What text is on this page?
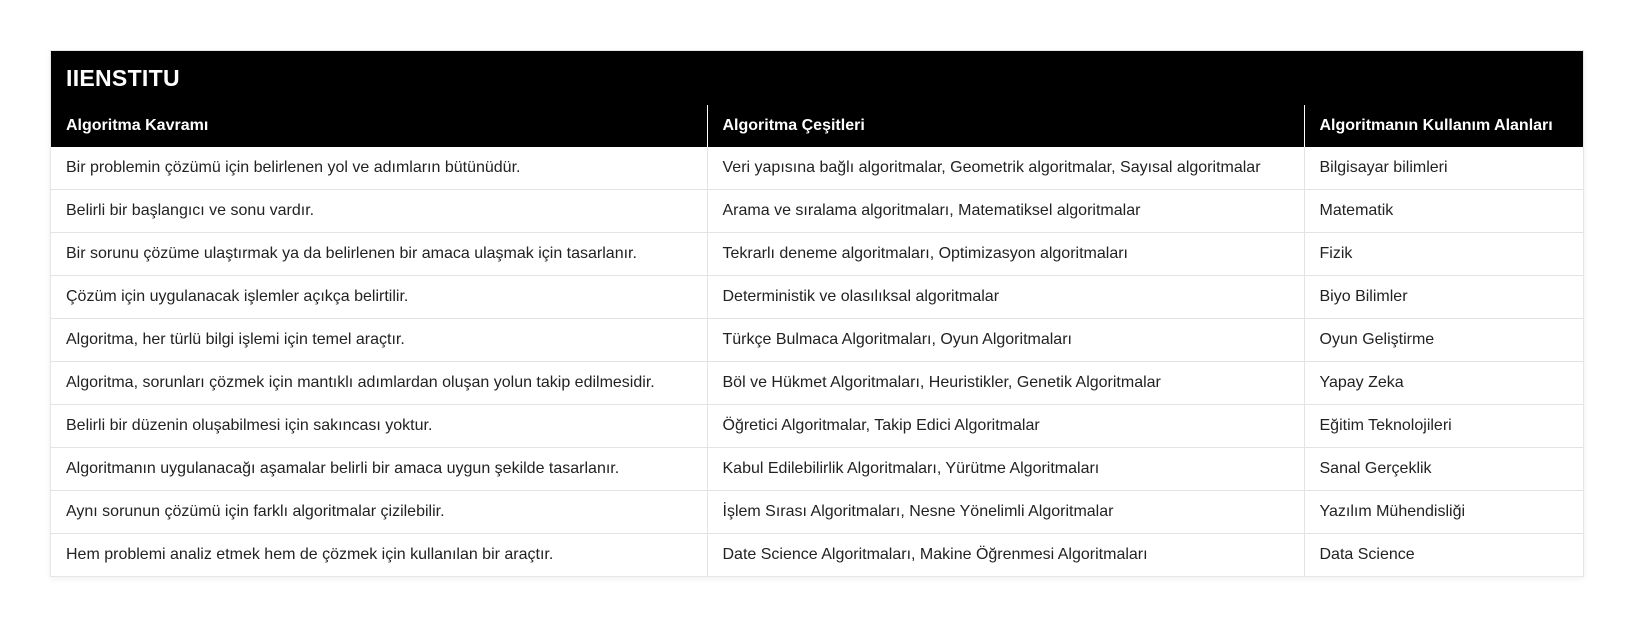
IIENSTITU
Algoritma Kavramı	Algoritma Çeşitleri	Algoritmanın Kullanım Alanları
Bir problemin çözümü için belirlenen yol ve adımların bütünüdür.	Veri yapısına bağlı algoritmalar, Geometrik algoritmalar, Sayısal algoritmalar	Bilgisayar bilimleri
Belirli bir başlangıcı ve sonu vardır.	Arama ve sıralama algoritmaları, Matematiksel algoritmalar	Matematik
Bir sorunu çözüme ulaştırmak ya da belirlenen bir amaca ulaşmak için tasarlanır.	Tekrarlı deneme algoritmaları, Optimizasyon algoritmaları	Fizik
Çözüm için uygulanacak işlemler açıkça belirtilir.	Deterministik ve olasılıksal algoritmalar	Biyo Bilimler
Algoritma, her türlü bilgi işlemi için temel araçtır.	Türkçe Bulmaca Algoritmaları, Oyun Algoritmaları	Oyun Geliştirme
Algoritma, sorunları çözmek için mantıklı adımlardan oluşan yolun takip edilmesidir.	Böl ve Hükmet Algoritmaları, Heuristikler, Genetik Algoritmalar	Yapay Zeka
Belirli bir düzenin oluşabilmesi için sakıncası yoktur.	Öğretici Algoritmalar, Takip Edici Algoritmalar	Eğitim Teknolojileri
Algoritmanın uygulanacağı aşamalar belirli bir amaca uygun şekilde tasarlanır.	Kabul Edilebilirlik Algoritmaları, Yürütme Algoritmaları	Sanal Gerçeklik
Aynı sorunun çözümü için farklı algoritmalar çizilebilir.	İşlem Sırası Algoritmaları, Nesne Yönelimli Algoritmalar	Yazılım Mühendisliği
Hem problemi analiz etmek hem de çözmek için kullanılan bir araçtır.	Date Science Algoritmaları, Makine Öğrenmesi Algoritmaları	Data Science
